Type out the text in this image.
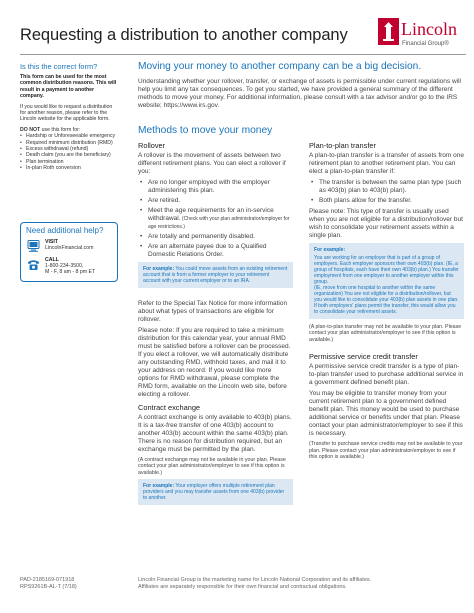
Requesting a distribution to another company	Lincoln
Financial Group®
Is this the correct form?

This form can be used for the most common distribution reasons. This will result in a payment to another company.

If you would like to request a distribution for another reason, please refer to the Lincoln website for the applicable form.

DO NOT use this form for:
• Hardship or Unforeseeable emergency
• Required minimum distribution (RMD)
• Excess withdrawal (refund)
• Death claim (you are the beneficiary)
• Plan termination
• In-plan Roth conversion
Need additional help?
VISIT
LincolnFinancial.com
CALL
1-800-234-3500,
M - F, 8 am - 8 pm ET
Moving your money to another company can be a big decision.
Understanding whether your rollover, transfer, or exchange of assets is permissible under current regulations will help you limit any tax consequences. To get you started, we have provided a general summary of the different methods to move your money. For additional information, please consult with a tax advisor and/or go to the IRS website; https://www.irs.gov.
Methods to move your money
Rollover

A rollover is the movement of assets between two different retirement plans. You can elect a rollover if you:

• Are no longer employed with the employer administering this plan.
• Are retired.
• Meet the age requirements for an in-service withdrawal. (Check with your plan administrator/employer for age restrictions.)
• Are totally and permanently disabled.
• Are an alternate payee due to a Qualified Domestic Relations Order.
For example: You could move assets from an existing retirement account that is from a former employer to your retirement account with your current employer or to an IRA.

Refer to the Special Tax Notice for more information about what types of transactions are eligible for rollover.

Please note: If you are required to take a minimum distribution for this calendar year, your annual RMD must be satisfied before a rollover can be processed. If you elect a rollover, we will automatically distribute any outstanding RMD, withhold taxes, and mail it to your address on record. If you would like more options for RMD withdrawal, please complete the RMD form, available on the Lincoln web site, before electing a rollover.

Contract exchange

A contract exchange is only available to 403(b) plans. It is a tax-free transfer of one 403(b) account to another 403(b) account within the same 403(b) plan. There is no reason for distribution required, but an exchange must be permitted by the plan.

(A contract exchange may not be available in your plan. Please contact your plan administrator/employer to see if this option is available.)

For example: Your employer offers multiple retirement plan providers and you may transfer assets from one 403(b) provider to another.
Plan-to-plan transfer

A plan-to-plan transfer is a transfer of assets from one retirement plan to another retirement plan. You can elect a plan-to-plan transfer if:

• The transfer is between the same plan type (such as 403(b) plan to 403(b) plan).
• Both plans allow for the transfer.

Please note: This type of transfer is usually used when you are not eligible for a distribution/rollover but wish to consolidate your retirement assets within a single plan.

For example:
You are working for an employer that is part of a group of employers. Each employer sponsors their own 403(b) plan. (IE, a group of hospitals, each have their own 403(b) plan.) You transfer employment from one employer to another employer within this group.
(IE, move from one hospital to another within the same organization) You are not eligible for a distribution/rollover, but you would like to consolidate your 403(b) plan assets in one plan. If both employers' plans permit the transfer, this would allow you to consolidate your retirement assets.

(A plan-to-plan transfer may not be available to your plan. Please contact your plan administrator/employer to see if this option is available.)

Permissive service credit transfer

A permissive service credit transfer is a type of plan-to-plan transfer used to purchase additional service in a government defined benefit plan.

You may be eligible to transfer money from your current retirement plan to a government defined benefit plan. This money would be used to purchase additional service or benefits under that plan. Please contact your plan administrator/employer to see if this is necessary.

(Transfer to purchase service credits may not be available to your plan. Please contact your plan administrator/employer to see if this option is available.)

PAD-2185169-071918
RPS9261B-AL-T (7/18)
Lincoln Financial Group is the marketing name for Lincoln National Corporation and its affiliates.
Affiliates are separately responsible for their own financial and contractual obligations.
